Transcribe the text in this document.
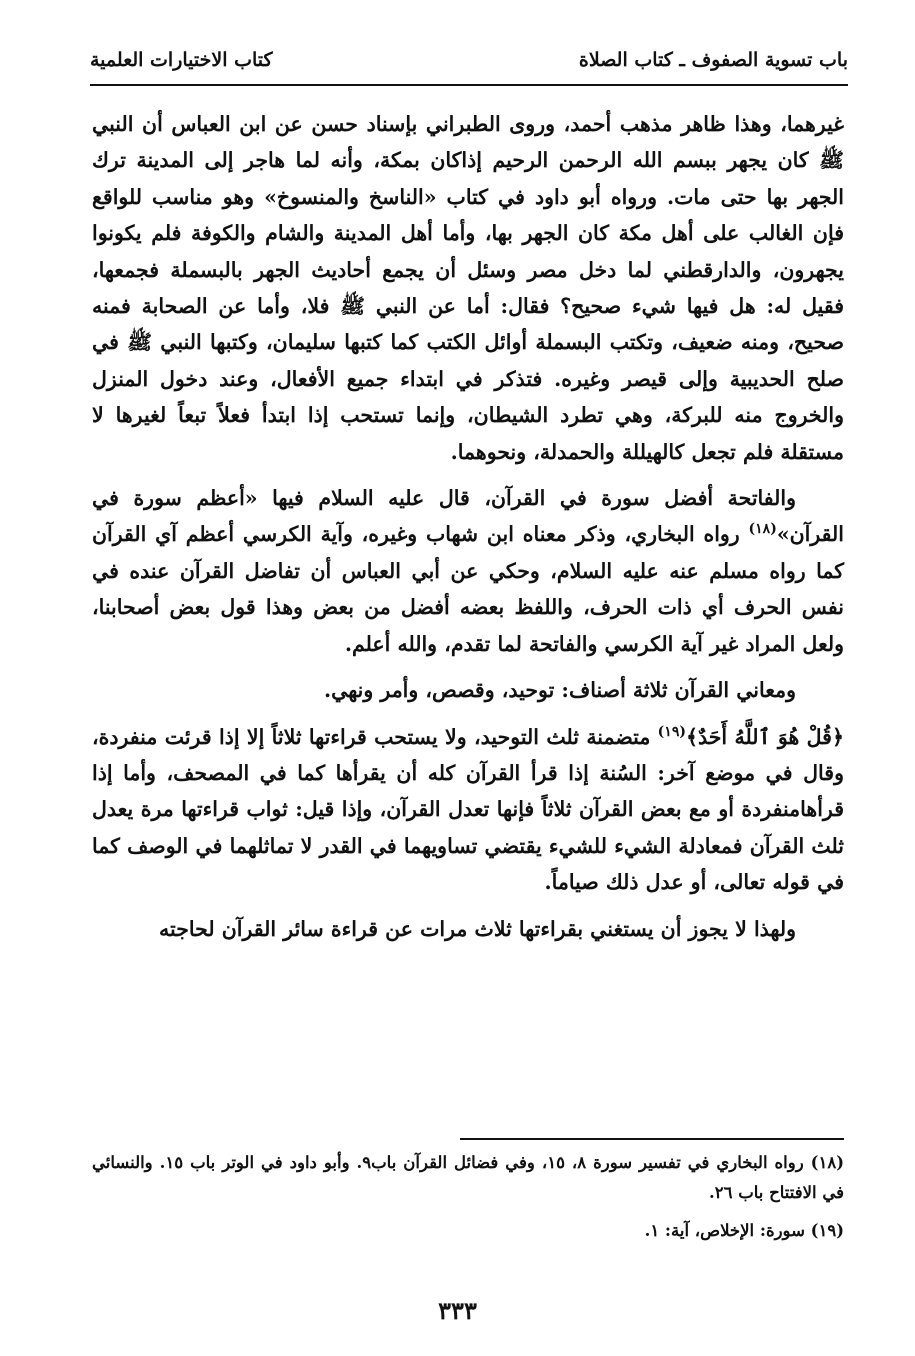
باب تسوية الصفوف ـ كتاب الصلاة
كتاب الاختيارات العلمية

غيرهما، وهذا ظاهر مذهب أحمد، وروى الطبراني بإسناد حسن عن ابن العباس أن النبي ﷺ كان يجهر ببسم الله الرحمن الرحيم إذاكان بمكة، وأنه لما هاجر إلى المدينة ترك الجهر بها حتى مات. ورواه أبو داود في كتاب «الناسخ والمنسوخ» وهو مناسب للواقع فإن الغالب على أهل مكة كان الجهر بها، وأما أهل المدينة والشام والكوفة فلم يكونوا يجهرون، والدارقطني لما دخل مصر وسئل أن يجمع أحاديث الجهر بالبسملة فجمعها، فقيل له: هل فيها شيء صحيح؟ فقال: أما عن النبي ﷺ فلا، وأما عن الصحابة فمنه صحيح، ومنه ضعيف، وتكتب البسملة أوائل الكتب كما كتبها سليمان، وكتبها النبي ﷺ في صلح الحديبية وإلى قيصر وغيره. فتذكر في ابتداء جميع الأفعال، وعند دخول المنزل والخروج منه للبركة، وهي تطرد الشيطان، وإنما تستحب إذا ابتدأ فعلاً تبعاً لغيرها لا مستقلة فلم تجعل كالهيللة والحمدلة، ونحوهما.

والفاتحة أفضل سورة في القرآن، قال عليه السلام فيها «أعظم سورة في القرآن»$^{(١٨)}$ رواه البخاري، وذكر معناه ابن شهاب وغيره، وآية الكرسي أعظم آي القرآن كما رواه مسلم عنه عليه السلام، وحكي عن أبي العباس أن تفاضل القرآن عنده في نفس الحرف أي ذات الحرف، واللفظ بعضه أفضل من بعض وهذا قول بعض أصحابنا، ولعل المراد غير آية الكرسي والفاتحة لما تقدم، والله أعلم.

ومعاني القرآن ثلاثة أصناف: توحيد، وقصص، وأمر ونهي.

﴿قُلْ هُوَ ٱللَّهُ أَحَدٌ﴾$^{(١٩)}$ متضمنة ثلث التوحيد، ولا يستحب قراءتها ثلاثاً إلا إذا قرئت منفردة، وقال في موضع آخر: السُنة إذا قرأ القرآن كله أن يقرأها كما في المصحف، وأما إذا قرأهامنفردة أو مع بعض القرآن ثلاثاً فإنها تعدل القرآن، وإذا قيل: ثواب قراءتها مرة يعدل ثلث القرآن فمعادلة الشيء للشيء يقتضي تساويهما في القدر لا تماثلهما في الوصف كما في قوله تعالى، أو عدل ذلك صياماً.

ولهذا لا يجوز أن يستغني بقراءتها ثلاث مرات عن قراءة سائر القرآن لحاجته

(١٨) رواه البخاري في تفسير سورة ٨، ١٥، وفي فضائل القرآن باب٩. وأبو داود في الوتر باب ١٥. والنسائي في الافتتاح باب ٢٦.

(١٩) سورة: الإخلاص، آية: ١.

٣٣٣
